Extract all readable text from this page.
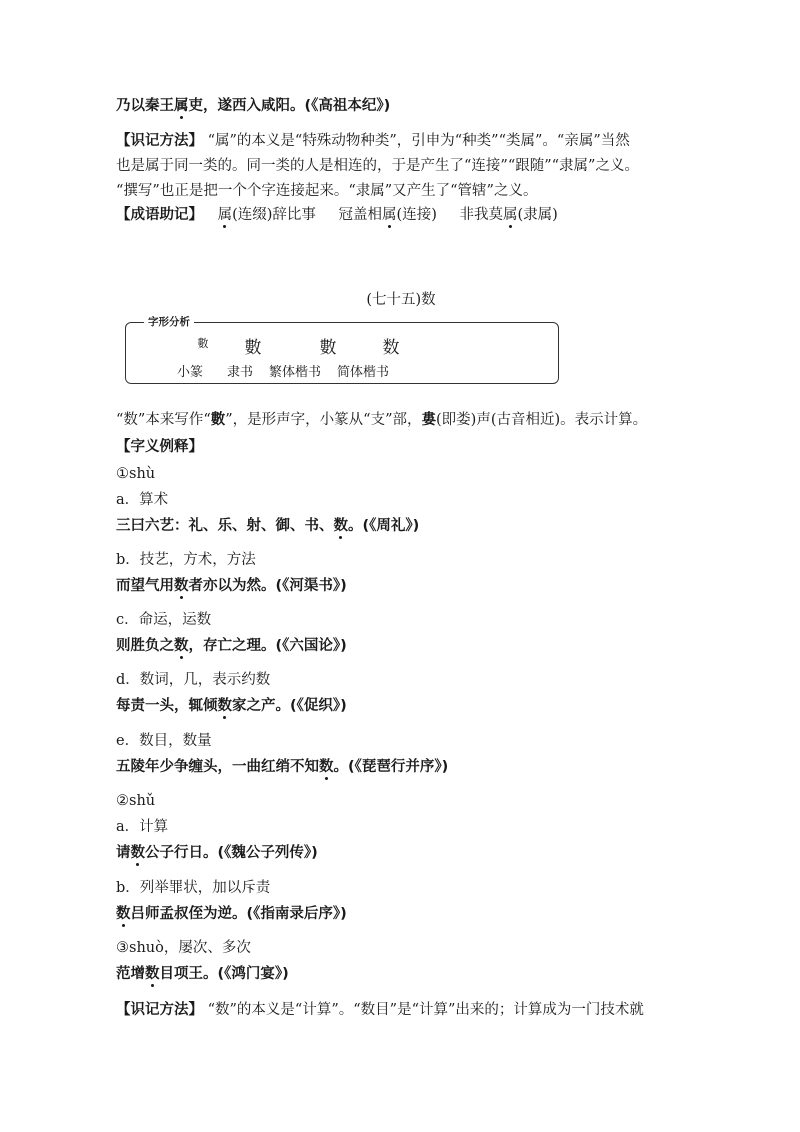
乃以秦王属吏，遂西入咸阳。(《高祖本纪》)
【识记方法】 “属”的本义是“特殊动物种类”，引申为“种类”“类属”。“亲属”当然
也是属于同一类的。同一类的人是相连的，于是产生了“连接”“跟随”“隶属”之义。
“撰写”也正是把一个个字连接起来。“隶属”又产生了“管辖”之义。
【成语助记】 属(连缀)辞比事 冠盖相属(连接) 非我莫属(隶属)
(七十五)数
字形分析
數	數	數	数
小篆 隶书 繁体楷书 简体楷书
“数”本来写作“數”，是形声字，小篆从“支”部，婁(即娄)声(古音相近)。表示计算。
【字义例释】
①shù
a．算术
三曰六艺：礼、乐、射、御、书、数。(《周礼》)
b．技艺，方术，方法
而望气用数者亦以为然。(《河渠书》)
c．命运，运数
则胜负之数，存亡之理。(《六国论》)
d．数词，几，表示约数
每责一头，辄倾数家之产。(《促织》)
e．数目，数量
五陵年少争缠头，一曲红绡不知数。(《琵琶行并序》)
②shǔ
a．计算
请数公子行日。(《魏公子列传》)
b．列举罪状，加以斥责
数吕师孟叔侄为逆。(《指南录后序》)
③shuò，屡次、多次
范增数目项王。(《鸿门宴》)
【识记方法】 “数”的本义是“计算”。“数目”是“计算”出来的；计算成为一门技术就
